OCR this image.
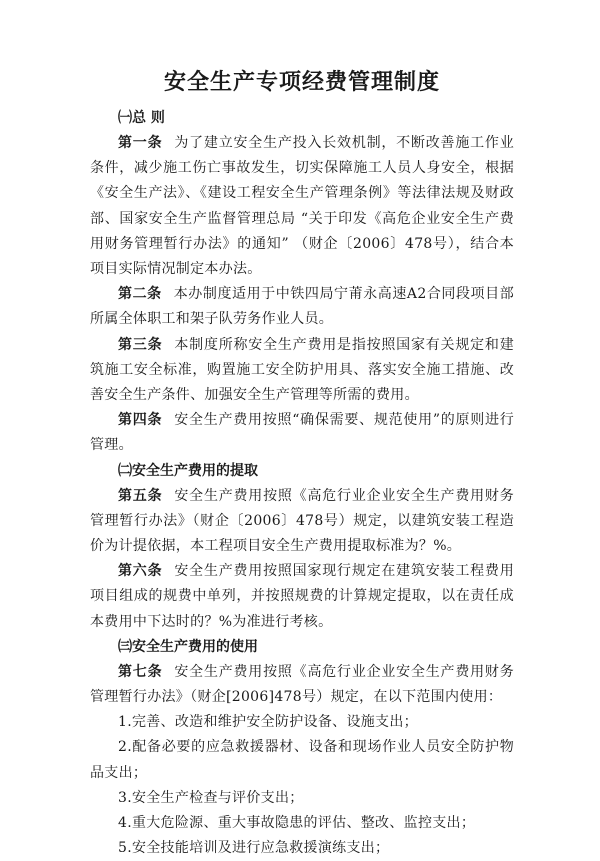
安全生产专项经费管理制度
㈠总 则

第一条 为了建立安全生产投入长效机制，不断改善施工作业条件，减少施工伤亡事故发生，切实保障施工人员人身安全，根据《安全生产法》、《建设工程安全生产管理条例》等法律法规及财政部、国家安全生产监督管理总局 “关于印发《高危企业安全生产费用财务管理暂行办法》的通知” （财企〔2006〕478号），结合本项目实际情况制定本办法。

第二条 本办制度适用于中铁四局宁莆永高速A2合同段项目部所属全体职工和架子队劳务作业人员。

第三条 本制度所称安全生产费用是指按照国家有关规定和建筑施工安全标准，购置施工安全防护用具、落实安全施工措施、改善安全生产条件、加强安全生产管理等所需的费用。

第四条 安全生产费用按照“确保需要、规范使用”的原则进行管理。

㈡安全生产费用的提取

第五条 安全生产费用按照《高危行业企业安全生产费用财务管理暂行办法》（财企〔2006〕478号）规定，以建筑安装工程造价为计提依据，本工程项目安全生产费用提取标准为？%。

第六条 安全生产费用按照国家现行规定在建筑安装工程费用项目组成的规费中单列，并按照规费的计算规定提取，以在责任成本费用中下达时的？%为准进行考核。

㈢安全生产费用的使用

第七条 安全生产费用按照《高危行业企业安全生产费用财务管理暂行办法》（财企[2006]478号）规定，在以下范围内使用：

1.完善、改造和维护安全防护设备、设施支出；

2.配备必要的应急救援器材、设备和现场作业人员安全防护物品支出；

3.安全生产检查与评价支出；

4.重大危险源、重大事故隐患的评估、整改、监控支出；

5.安全技能培训及进行应急救援演练支出；
